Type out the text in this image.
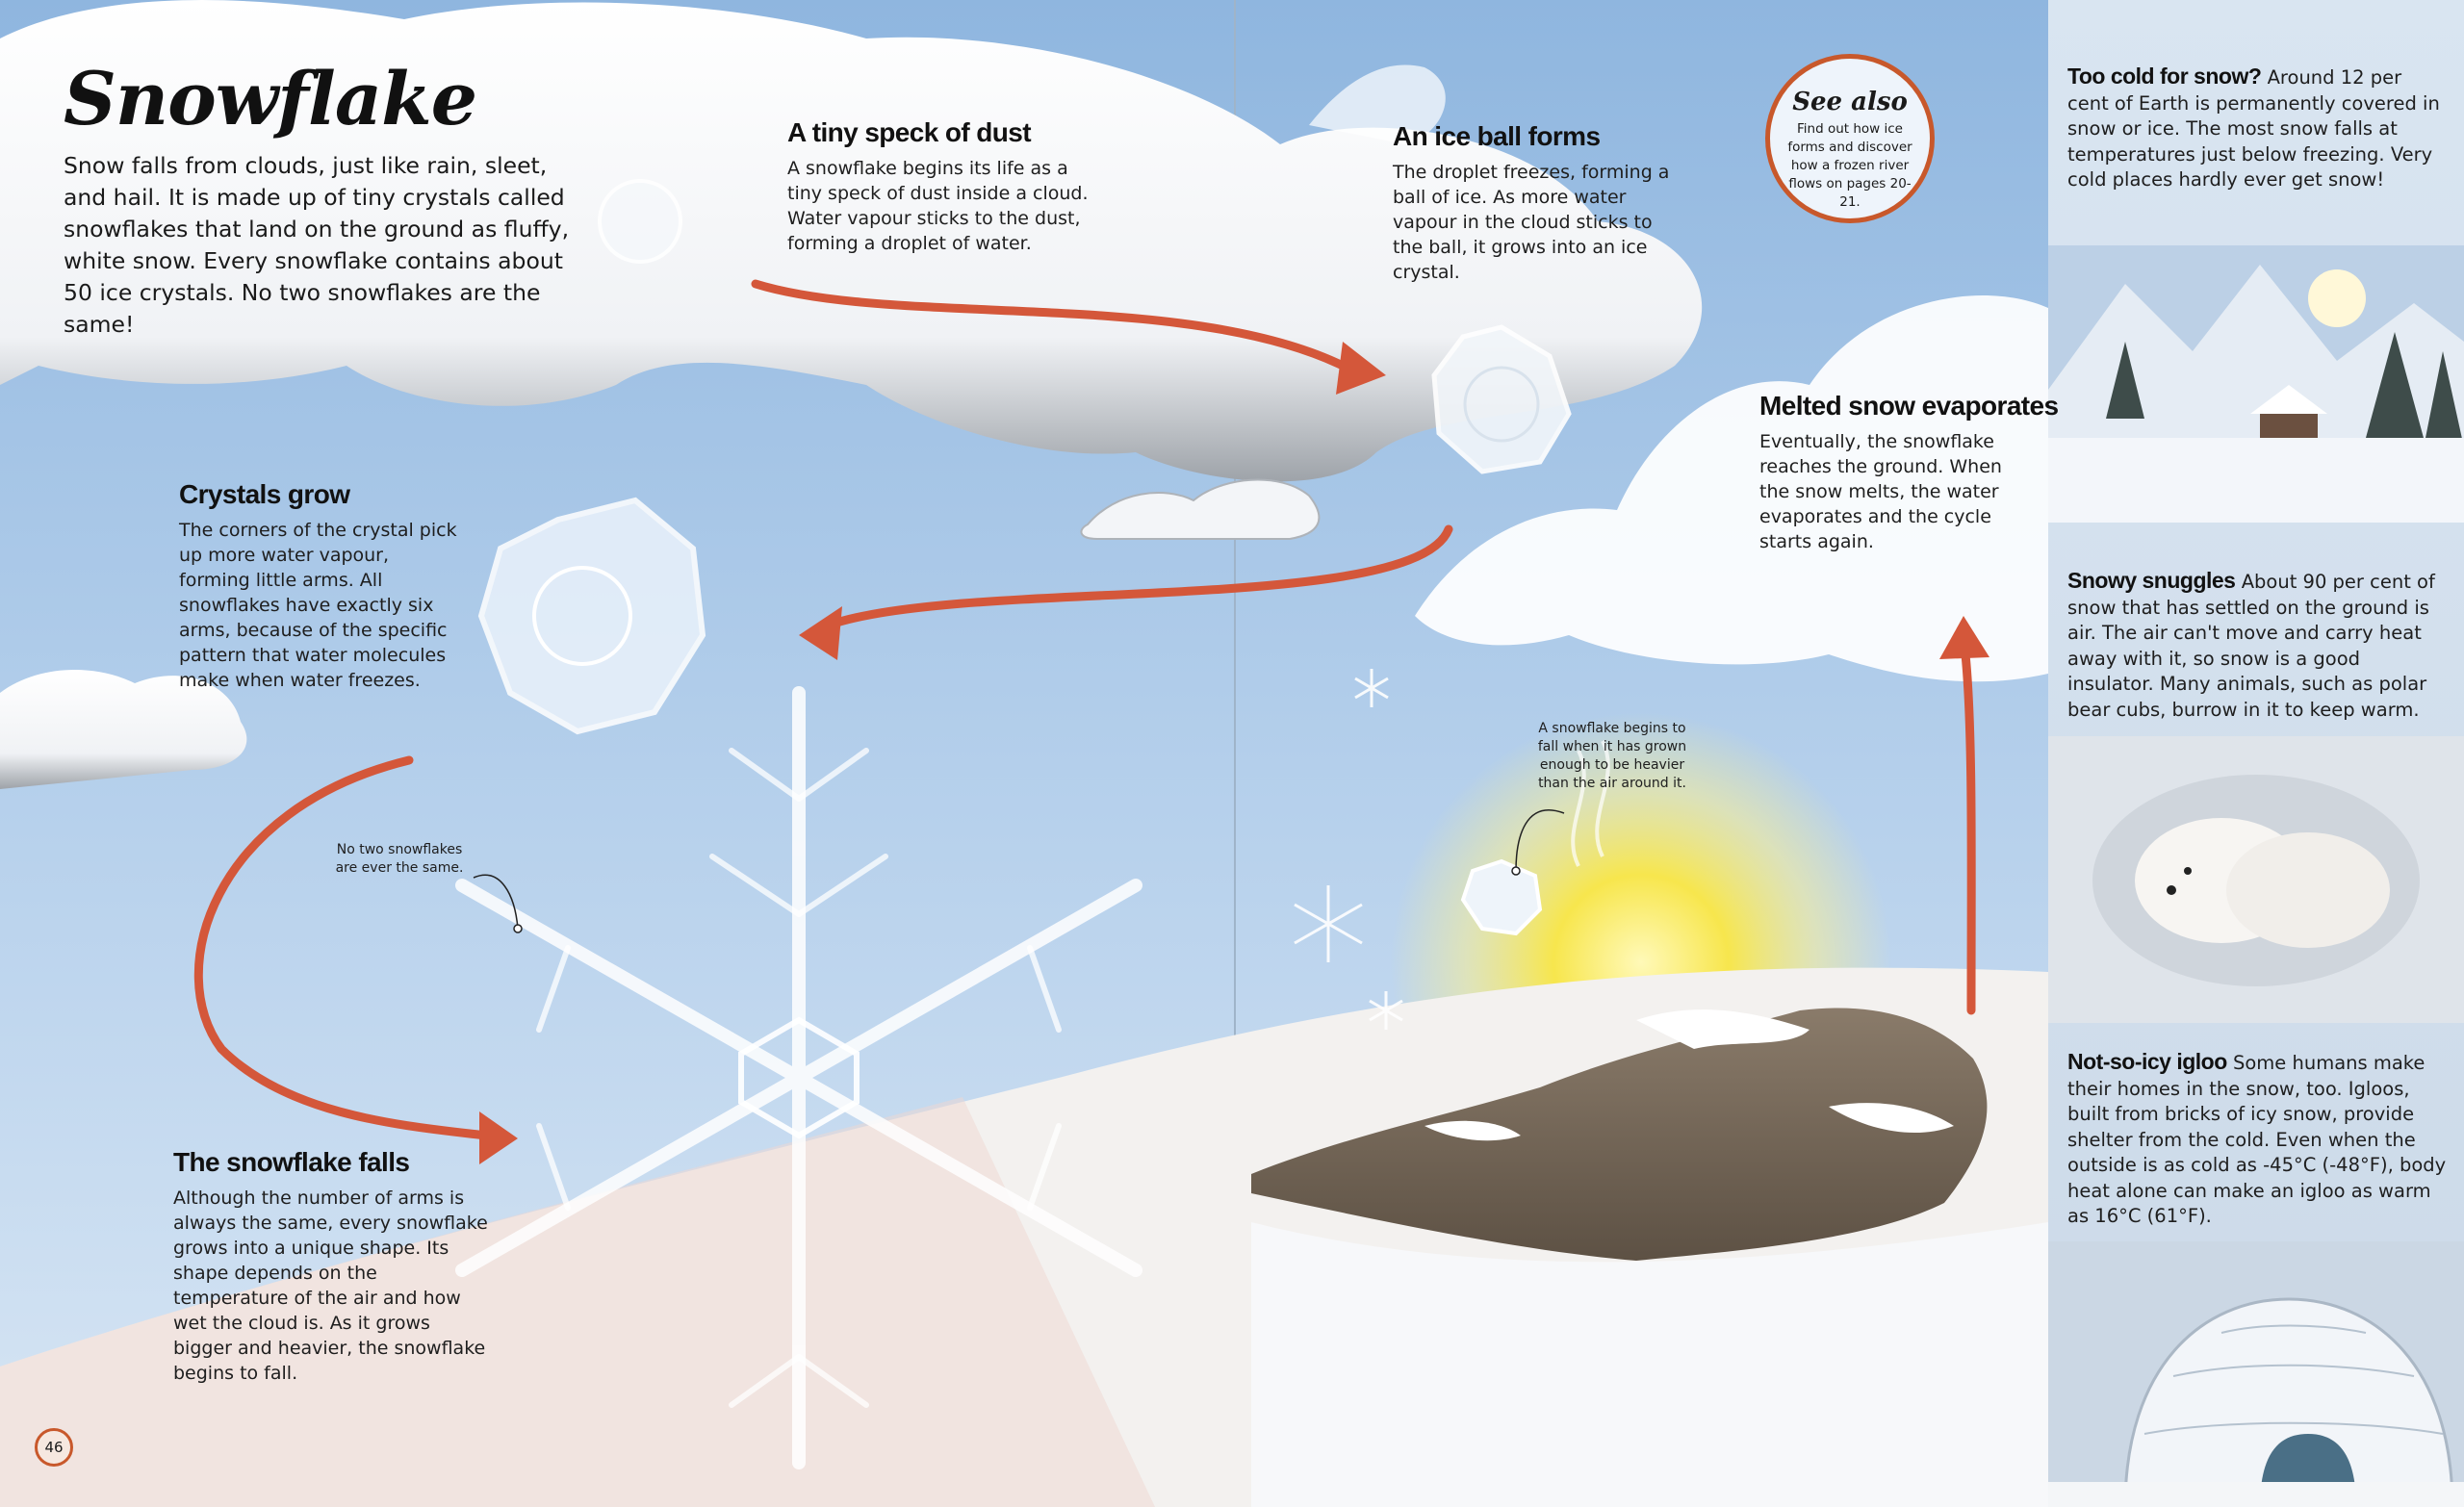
Snowflake
Snow falls from clouds, just like rain, sleet, and hail. It is made up of tiny crystals called snowflakes that land on the ground as fluffy, white snow. Every snowflake contains about 50 ice crystals. No two snowflakes are the same!
A tiny speck of dust
A snowflake begins its life as a tiny speck of dust inside a cloud. Water vapour sticks to the dust, forming a droplet of water.
An ice ball forms
The droplet freezes, forming a ball of ice. As more water vapour in the cloud sticks to the ball, it grows into an ice crystal.
Crystals grow
The corners of the crystal pick up more water vapour, forming little arms. All snowflakes have exactly six arms, because of the specific pattern that water molecules make when water freezes.
The snowflake falls
Although the number of arms is always the same, every snowflake grows into a unique shape. Its shape depends on the temperature of the air and how wet the cloud is. As it grows bigger and heavier, the snowflake begins to fall.
Melted snow evaporates
Eventually, the snowflake reaches the ground. When the snow melts, the water evaporates and the cycle starts again.
No two snowflakes are ever the same.
A snowflake begins to fall when it has grown enough to be heavier than the air around it.
See also
Find out how ice forms and discover how a frozen river flows on pages 20-21.
Too cold for snow? Around 12 per cent of Earth is permanently covered in snow or ice. The most snow falls at temperatures just below freezing. Very cold places hardly ever get snow!
Snowy snuggles About 90 per cent of snow that has settled on the ground is air. The air can't move and carry heat away with it, so snow is a good insulator. Many animals, such as polar bear cubs, burrow in it to keep warm.
Not-so-icy igloo Some humans make their homes in the snow, too. Igloos, built from bricks of icy snow, provide shelter from the cold. Even when the outside is as cold as -45°C (-48°F), body heat alone can make an igloo as warm as 16°C (61°F).
46
